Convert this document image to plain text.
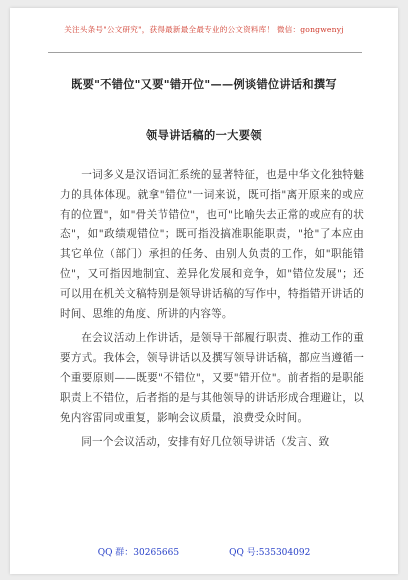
关注头条号"公文研究"，获得最新最全最专业的公文资料库！ 微信：gongwenyj
既要"不错位"又要"错开位"——例谈错位讲话和撰写
领导讲话稿的一大要领

一词多义是汉语词汇系统的显著特征，也是中华文化独特魅力的具体体现。就拿"错位"一词来说，既可指"离开原来的或应有的位置"，如"骨关节错位"，也可"比喻失去正常的或应有的状态"，如"政绩观错位"；既可指没搞准职能职责，"抢"了本应由其它单位（部门）承担的任务、由别人负责的工作，如"职能错位"，又可指因地制宜、差异化发展和竞争，如"错位发展"；还可以用在机关文稿特别是领导讲话稿的写作中，特指错开讲话的时间、思维的角度、所讲的内容等。

在会议活动上作讲话，是领导干部履行职责、推动工作的重要方式。我体会，领导讲话以及撰写领导讲话稿，都应当遵循一个重要原则——既要"不错位"，又要"错开位"。前者指的是职能职责上不错位，后者指的是与其他领导的讲话形成合理避让，以免内容雷同或重复，影响会议质量，浪费受众时间。

同一个会议活动，安排有好几位领导讲话（发言、致

QQ 群：30265665	QQ 号:535304092
